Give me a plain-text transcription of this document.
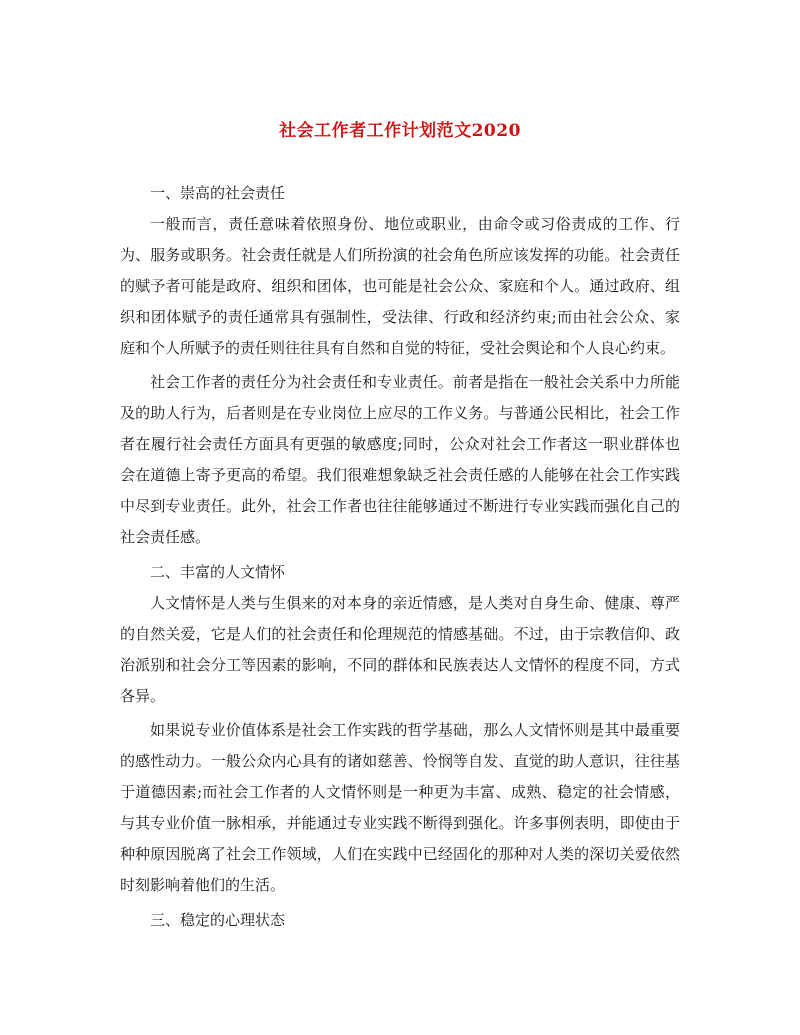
社会工作者工作计划范文2020

一、崇高的社会责任

一般而言，责任意味着依照身份、地位或职业，由命令或习俗责成的工作、行为、服务或职务。社会责任就是人们所扮演的社会角色所应该发挥的功能。社会责任的赋予者可能是政府、组织和团体，也可能是社会公众、家庭和个人。通过政府、组织和团体赋予的责任通常具有强制性，受法律、行政和经济约束;而由社会公众、家庭和个人所赋予的责任则往往具有自然和自觉的特征，受社会舆论和个人良心约束。

社会工作者的责任分为社会责任和专业责任。前者是指在一般社会关系中力所能及的助人行为，后者则是在专业岗位上应尽的工作义务。与普通公民相比，社会工作者在履行社会责任方面具有更强的敏感度;同时，公众对社会工作者这一职业群体也会在道德上寄予更高的希望。我们很难想象缺乏社会责任感的人能够在社会工作实践中尽到专业责任。此外，社会工作者也往往能够通过不断进行专业实践而强化自己的社会责任感。

二、丰富的人文情怀

人文情怀是人类与生俱来的对本身的亲近情感，是人类对自身生命、健康、尊严的自然关爱，它是人们的社会责任和伦理规范的情感基础。不过，由于宗教信仰、政治派别和社会分工等因素的影响，不同的群体和民族表达人文情怀的程度不同，方式各异。

如果说专业价值体系是社会工作实践的哲学基础，那么人文情怀则是其中最重要的感性动力。一般公众内心具有的诸如慈善、怜悯等自发、直觉的助人意识，往往基于道德因素;而社会工作者的人文情怀则是一种更为丰富、成熟、稳定的社会情感，与其专业价值一脉相承，并能通过专业实践不断得到强化。许多事例表明，即使由于种种原因脱离了社会工作领域，人们在实践中已经固化的那种对人类的深切关爱依然时刻影响着他们的生活。

三、稳定的心理状态
